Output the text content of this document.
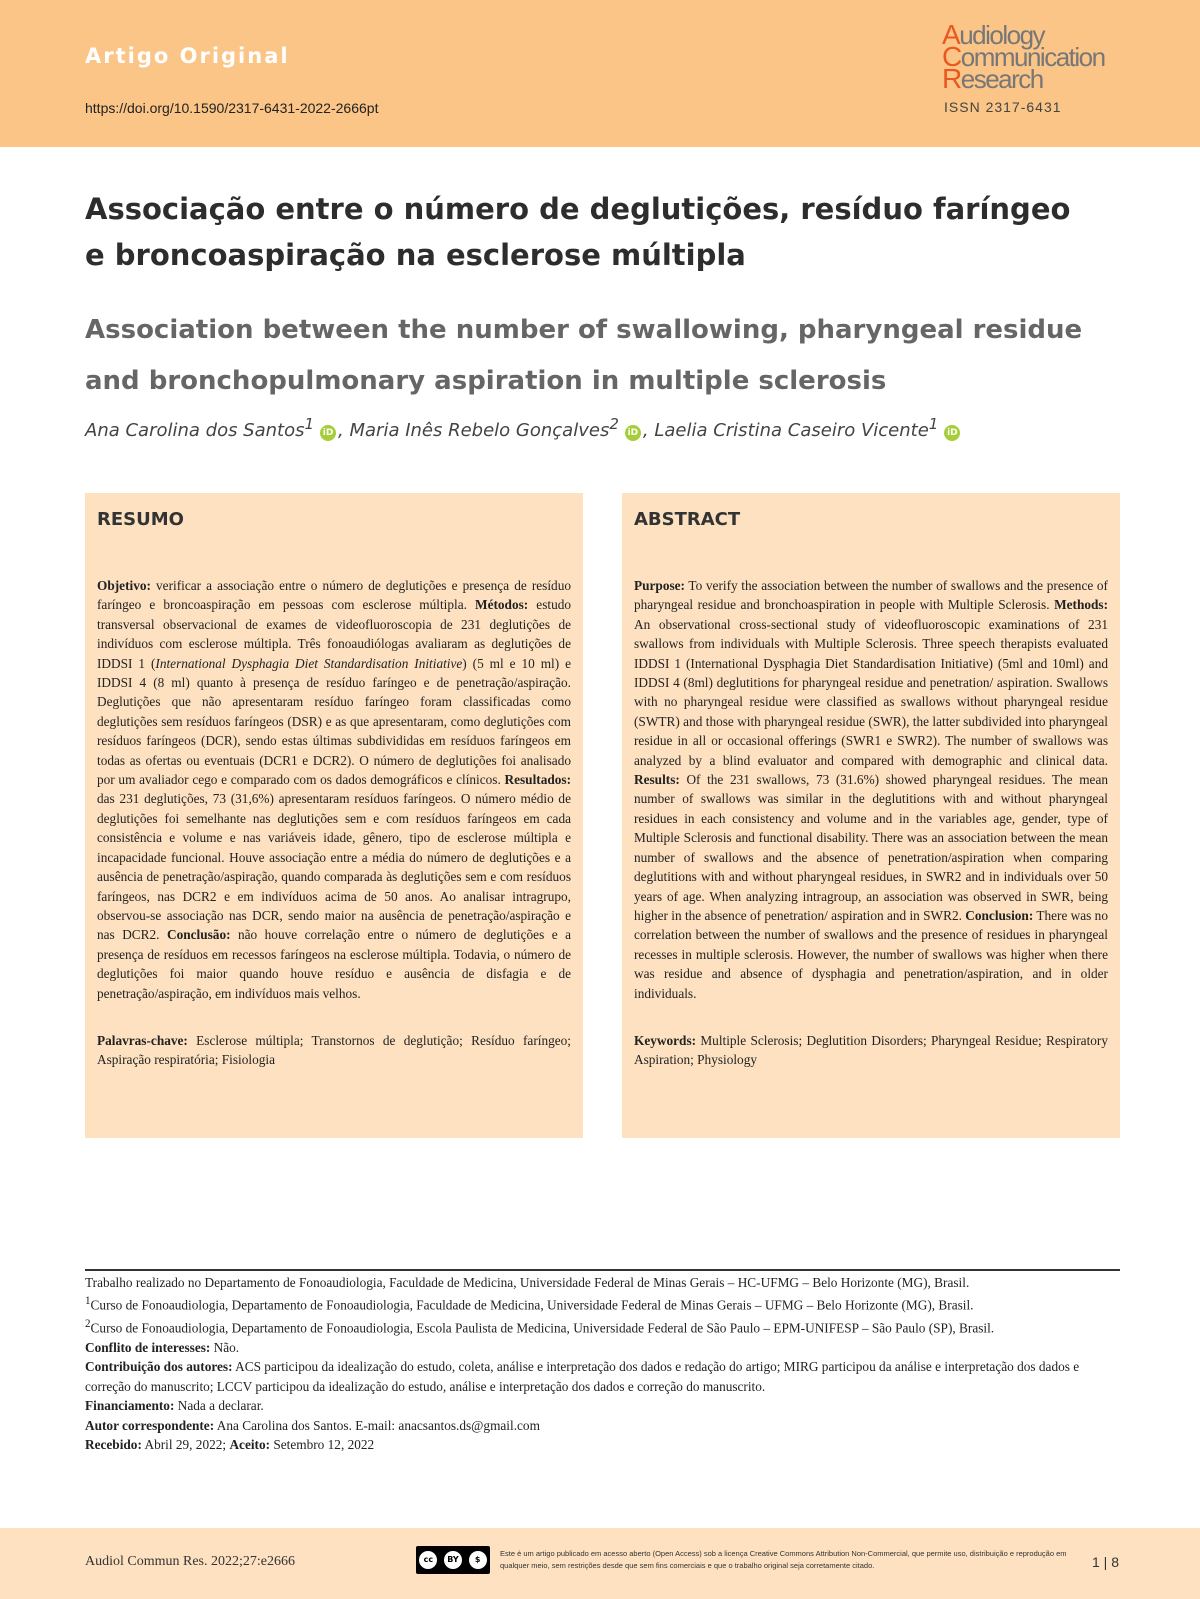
Artigo Original
https://doi.org/10.1590/2317-6431-2022-2666pt
Audiology
Communication
Research
ISSN 2317-6431
Associação entre o número de deglutições, resíduo faríngeo
e broncoaspiração na esclerose múltipla
Association between the number of swallowing, pharyngeal residue
and bronchopulmonary aspiration in multiple sclerosis
Ana Carolina dos Santos$^1$ iD , Maria Inês Rebelo Gonçalves$^2$ iD , Laelia Cristina Caseiro Vicente$^1$ iD
RESUMO

Objetivo: verificar a associação entre o número de deglutições e presença de resíduo faríngeo e broncoaspiração em pessoas com esclerose múltipla. Métodos: estudo transversal observacional de exames de videofluoroscopia de 231 deglutições de indivíduos com esclerose múltipla. Três fonoaudiólogas avaliaram as deglutições de IDDSI 1 (International Dysphagia Diet Standardisation Initiative) (5 ml e 10 ml) e IDDSI 4 (8 ml) quanto à presença de resíduo faríngeo e de penetração/aspiração. Deglutições que não apresentaram resíduo faríngeo foram classificadas como deglutições sem resíduos faríngeos (DSR) e as que apresentaram, como deglutições com resíduos faríngeos (DCR), sendo estas últimas subdivididas em resíduos faríngeos em todas as ofertas ou eventuais (DCR1 e DCR2). O número de deglutições foi analisado por um avaliador cego e comparado com os dados demográficos e clínicos. Resultados: das 231 deglutições, 73 (31,6%) apresentaram resíduos faríngeos. O número médio de deglutições foi semelhante nas deglutições sem e com resíduos faríngeos em cada consistência e volume e nas variáveis idade, gênero, tipo de esclerose múltipla e incapacidade funcional. Houve associação entre a média do número de deglutições e a ausência de penetração/aspiração, quando comparada às deglutições sem e com resíduos faríngeos, nas DCR2 e em indivíduos acima de 50 anos. Ao analisar intragrupo, observou-se associação nas DCR, sendo maior na ausência de penetração/aspiração e nas DCR2. Conclusão: não houve correlação entre o número de deglutições e a presença de resíduos em recessos faríngeos na esclerose múltipla. Todavia, o número de deglutições foi maior quando houve resíduo e ausência de disfagia e de penetração/aspiração, em indivíduos mais velhos.

Palavras-chave: Esclerose múltipla; Transtornos de deglutição; Resíduo faríngeo; Aspiração respiratória; Fisiologia

ABSTRACT

Purpose: To verify the association between the number of swallows and the presence of pharyngeal residue and bronchoaspiration in people with Multiple Sclerosis. Methods: An observational cross-sectional study of videofluoroscopic examinations of 231 swallows from individuals with Multiple Sclerosis. Three speech therapists evaluated IDDSI 1 (International Dysphagia Diet Standardisation Initiative) (5ml and 10ml) and IDDSI 4 (8ml) deglutitions for pharyngeal residue and penetration/ aspiration. Swallows with no pharyngeal residue were classified as swallows without pharyngeal residue (SWTR) and those with pharyngeal residue (SWR), the latter subdivided into pharyngeal residue in all or occasional offerings (SWR1 e SWR2). The number of swallows was analyzed by a blind evaluator and compared with demographic and clinical data. Results: Of the 231 swallows, 73 (31.6%) showed pharyngeal residues. The mean number of swallows was similar in the deglutitions with and without pharyngeal residues in each consistency and volume and in the variables age, gender, type of Multiple Sclerosis and functional disability. There was an association between the mean number of swallows and the absence of penetration/aspiration when comparing deglutitions with and without pharyngeal residues, in SWR2 and in individuals over 50 years of age. When analyzing intragroup, an association was observed in SWR, being higher in the absence of penetration/ aspiration and in SWR2. Conclusion: There was no correlation between the number of swallows and the presence of residues in pharyngeal recesses in multiple sclerosis. However, the number of swallows was higher when there was residue and absence of dysphagia and penetration/aspiration, and in older individuals.

Keywords: Multiple Sclerosis; Deglutition Disorders; Pharyngeal Residue; Respiratory Aspiration; Physiology

Trabalho realizado no Departamento de Fonoaudiologia, Faculdade de Medicina, Universidade Federal de Minas Gerais – HC-UFMG – Belo Horizonte (MG), Brasil.

$^1$Curso de Fonoaudiologia, Departamento de Fonoaudiologia, Faculdade de Medicina, Universidade Federal de Minas Gerais – UFMG – Belo Horizonte (MG), Brasil.

$^2$Curso de Fonoaudiologia, Departamento de Fonoaudiologia, Escola Paulista de Medicina, Universidade Federal de São Paulo – EPM-UNIFESP – São Paulo (SP), Brasil.

Conflito de interesses: Não.

Contribuição dos autores: ACS participou da idealização do estudo, coleta, análise e interpretação dos dados e redação do artigo; MIRG participou da análise e interpretação dos dados e correção do manuscrito; LCCV participou da idealização do estudo, análise e interpretação dos dados e correção do manuscrito.

Financiamento: Nada a declarar.

Autor correspondente: Ana Carolina dos Santos. E-mail: anacsantos.ds@gmail.com

Recebido: Abril 29, 2022; Aceito: Setembro 12, 2022

Audiol Commun Res. 2022;27:e2666	cc	BY	$
Este é um artigo publicado em acesso aberto (Open Access) sob a licença Creative Commons Attribution Non-Commercial, que permite uso, distribuição e reprodução em qualquer meio, sem restrições desde que sem fins comerciais e que o trabalho original seja corretamente citado.	1 | 8
